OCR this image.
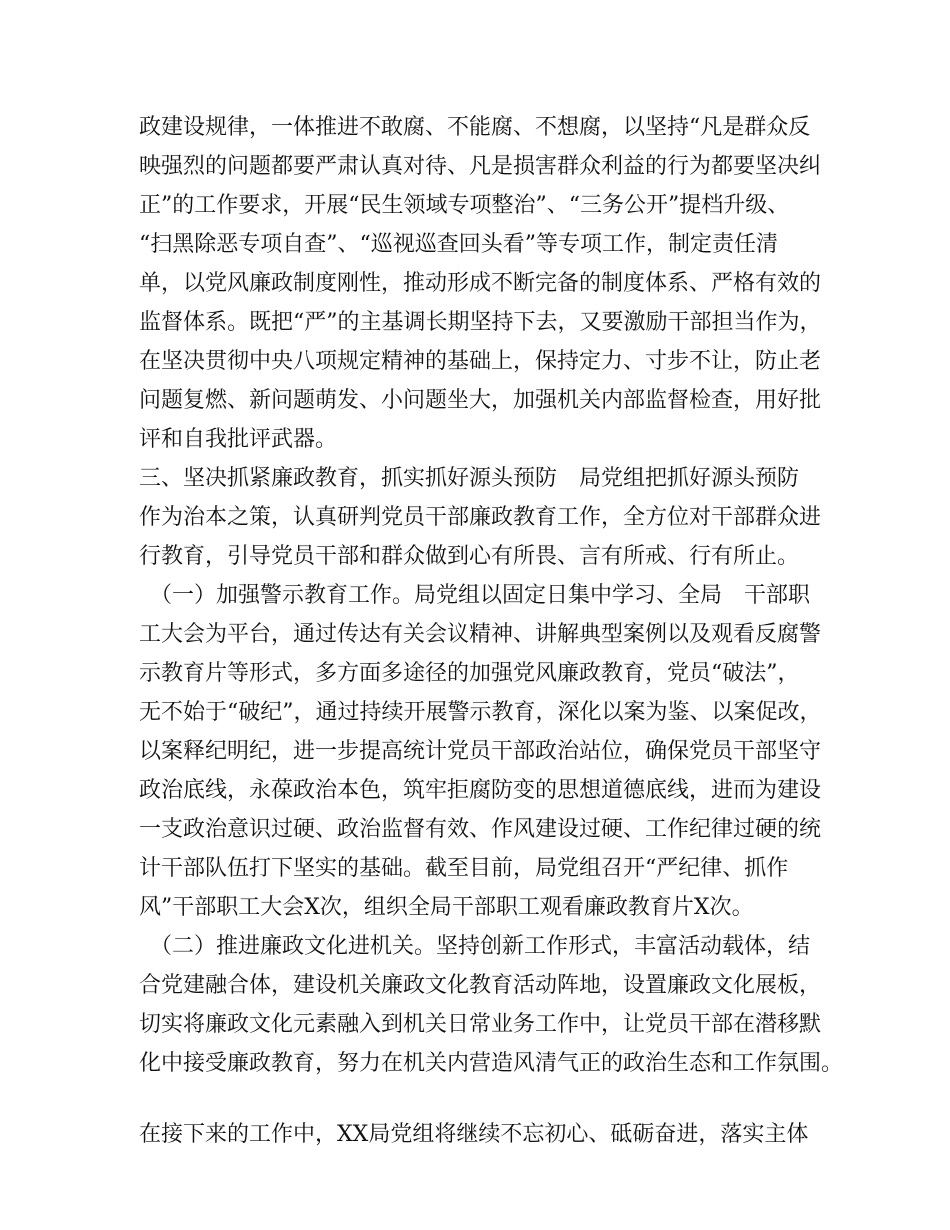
政建设规律，一体推进不敢腐、不能腐、不想腐，以坚持“凡是群众反
映强烈的问题都要严肃认真对待、凡是损害群众利益的行为都要坚决纠
正”的工作要求，开展“民生领域专项整治”、“三务公开”提档升级、
“扫黑除恶专项自查”、“巡视巡查回头看”等专项工作，制定责任清
单，以党风廉政制度刚性，推动形成不断完备的制度体系、严格有效的
监督体系。既把“严”的主基调长期坚持下去，又要激励干部担当作为，
在坚决贯彻中央八项规定精神的基础上，保持定力、寸步不让，防止老
问题复燃、新问题萌发、小问题坐大，加强机关内部监督检查，用好批
评和自我批评武器。
三、坚决抓紧廉政教育，抓实抓好源头预防　局党组把抓好源头预防
作为治本之策，认真研判党员干部廉政教育工作，全方位对干部群众进
行教育，引导党员干部和群众做到心有所畏、言有所戒、行有所止。
　（一）加强警示教育工作。局党组以固定日集中学习、全局　干部职
工大会为平台，通过传达有关会议精神、讲解典型案例以及观看反腐警
示教育片等形式，多方面多途径的加强党风廉政教育，党员“破法”，
无不始于“破纪”，通过持续开展警示教育，深化以案为鉴、以案促改，
以案释纪明纪，进一步提高统计党员干部政治站位，确保党员干部坚守
政治底线，永葆政治本色，筑牢拒腐防变的思想道德底线，进而为建设
一支政治意识过硬、政治监督有效、作风建设过硬、工作纪律过硬的统
计干部队伍打下坚实的基础。截至目前，局党组召开“严纪律、抓作
风”干部职工大会X次，组织全局干部职工观看廉政教育片X次。
　（二）推进廉政文化进机关。坚持创新工作形式，丰富活动载体，结
合党建融合体，建设机关廉政文化教育活动阵地，设置廉政文化展板，
切实将廉政文化元素融入到机关日常业务工作中，让党员干部在潜移默
化中接受廉政教育，努力在机关内营造风清气正的政治生态和工作氛围。
在接下来的工作中，XX局党组将继续不忘初心、砥砺奋进，落实主体
